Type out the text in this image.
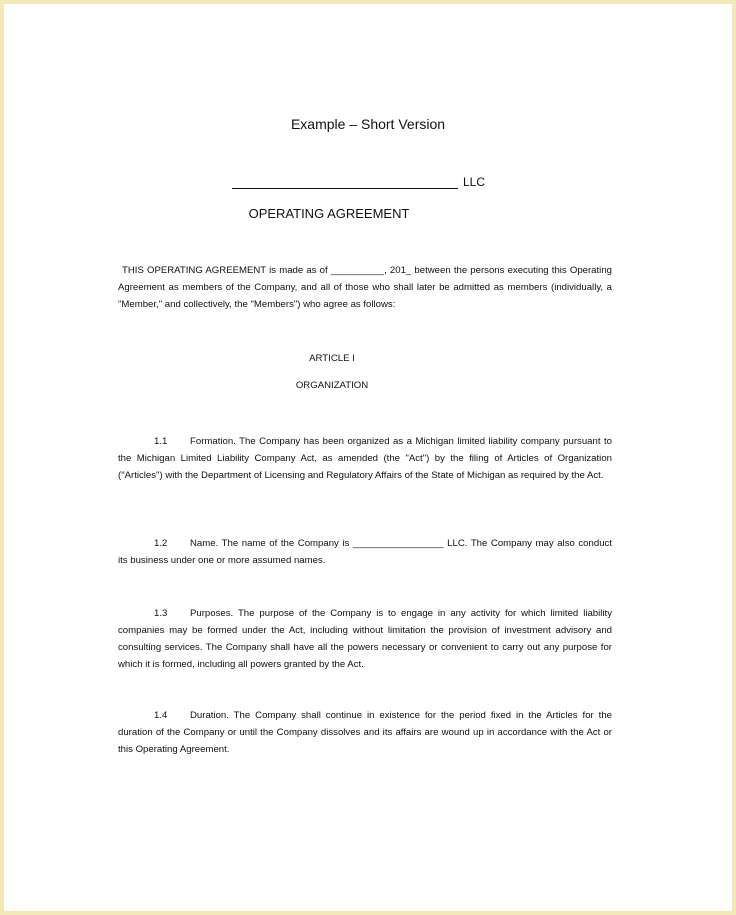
Example – Short Version
LLC
OPERATING AGREEMENT

THIS OPERATING AGREEMENT is made as of __________, 201_ between the persons executing this Operating Agreement as members of the Company, and all of those who shall later be admitted as members (individually, a "Member," and collectively, the "Members") who agree as follows:

ARTICLE I
ORGANIZATION

1.1 Formation. The Company has been organized as a Michigan limited liability company pursuant to the Michigan Limited Liability Company Act, as amended (the "Act") by the filing of Articles of Organization ("Articles") with the Department of Licensing and Regulatory Affairs of the State of Michigan as required by the Act.

1.2 Name. The name of the Company is _________________ LLC. The Company may also conduct its business under one or more assumed names.

1.3 Purposes. The purpose of the Company is to engage in any activity for which limited liability companies may be formed under the Act, including without limitation the provision of investment advisory and consulting services. The Company shall have all the powers necessary or convenient to carry out any purpose for which it is formed, including all powers granted by the Act.

1.4 Duration. The Company shall continue in existence for the period fixed in the Articles for the duration of the Company or until the Company dissolves and its affairs are wound up in accordance with the Act or this Operating Agreement.
